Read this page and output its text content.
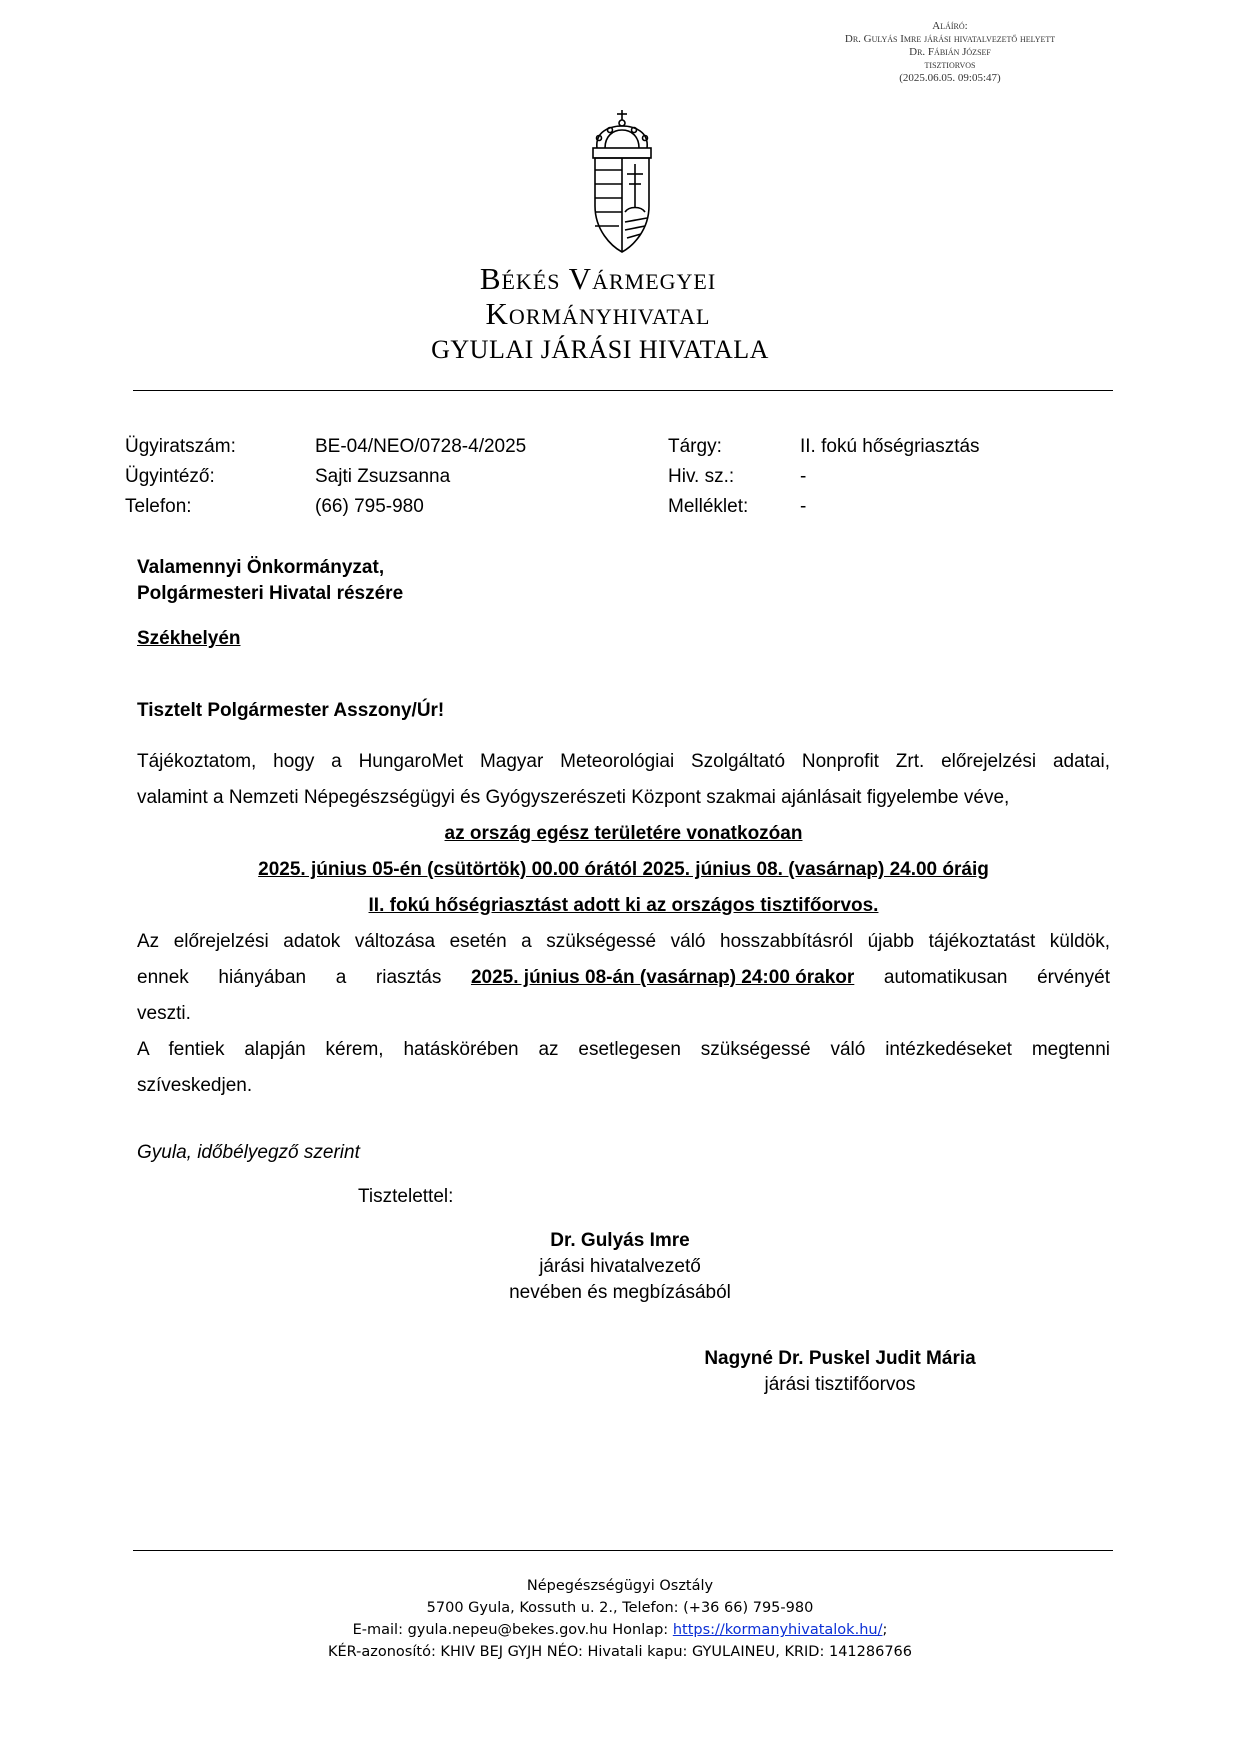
Aláíró:
Dr. Gulyás Imre járási hivatalvezető helyett
Dr. Fábián József
tisztiorvos
(2025.06.05. 09:05:47)
Békés Vármegyei
Kormányhivatal
GYULAI JÁRÁSI HIVATALA
Ügyiratszám:
Ügyintéző:
Telefon:
BE-04/NEO/0728-4/2025
Sajti Zsuzsanna
(66) 795-980
Tárgy:
Hiv. sz.:
Melléklet:
II. fokú hőségriasztás
-
-
Valamennyi Önkormányzat,
Polgármesteri Hivatal részére
Székhelyén
Tisztelt Polgármester Asszony/Úr!
Tájékoztatom, hogy a HungaroMet Magyar Meteorológiai Szolgáltató Nonprofit Zrt. előrejelzési adatai,
valamint a Nemzeti Népegészségügyi és Gyógyszerészeti Központ szakmai ajánlásait figyelembe véve,
az ország egész területére vonatkozóan
2025. június 05-én (csütörtök) 00.00 órától 2025. június 08. (vasárnap) 24.00 óráig
II. fokú hőségriasztást adott ki az országos tisztifőorvos.
Az előrejelzési adatok változása esetén a szükségessé váló hosszabbításról újabb tájékoztatást küldök,
ennek hiányában a riasztás 2025. június 08-án (vasárnap) 24:00 órakor automatikusan érvényét
veszti.
A fentiek alapján kérem, hatáskörében az esetlegesen szükségessé váló intézkedéseket megtenni
szíveskedjen.
Gyula, időbélyegző szerint
Tisztelettel:
Dr. Gulyás Imre
járási hivatalvezető
nevében és megbízásából
Nagyné Dr. Puskel Judit Mária
járási tisztifőorvos
Népegészségügyi Osztály
5700 Gyula, Kossuth u. 2., Telefon: (+36 66) 795-980
E-mail: gyula.nepeu@bekes.gov.hu Honlap: https://kormanyhivatalok.hu/;
KÉR-azonosító: KHIV BEJ GYJH NÉO: Hivatali kapu: GYULAINEU, KRID: 141286766
